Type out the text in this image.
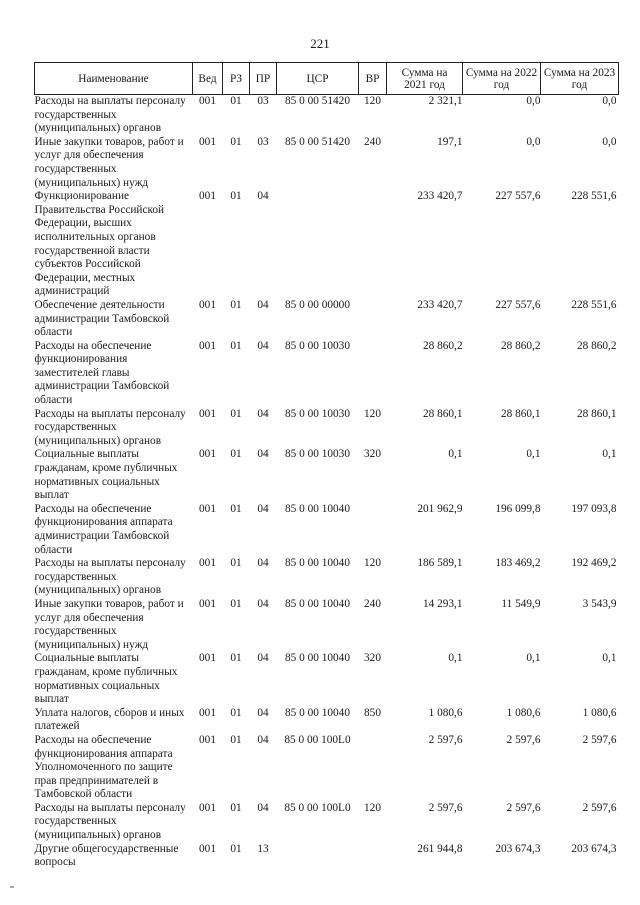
221
Наименование	Вед	РЗ	ПР	ЦСР	ВР	Сумма на 2021 год	Сумма на 2022 год	Сумма на 2023 год
Расходы на выплаты персоналу государственных (муниципальных) органов	001	01	03	85 0 00 51420	120	2 321,1	0,0	0,0
Иные закупки товаров, работ и услуг для обеспечения государственных (муниципальных) нужд	001	01	03	85 0 00 51420	240	197,1	0,0	0,0
Функционирование Правительства Российской Федерации, высших исполнительных органов государственной власти субъектов Российской Федерации, местных администраций	001	01	04			233 420,7	227 557,6	228 551,6
Обеспечение деятельности администрации Тамбовской области	001	01	04	85 0 00 00000		233 420,7	227 557,6	228 551,6
Расходы на обеспечение функционирования заместителей главы администрации Тамбовской области	001	01	04	85 0 00 10030		28 860,2	28 860,2	28 860,2
Расходы на выплаты персоналу государственных (муниципальных) органов	001	01	04	85 0 00 10030	120	28 860,1	28 860,1	28 860,1
Социальные выплаты гражданам, кроме публичных нормативных социальных выплат	001	01	04	85 0 00 10030	320	0,1	0,1	0,1
Расходы на обеспечение функционирования аппарата администрации Тамбовской области	001	01	04	85 0 00 10040		201 962,9	196 099,8	197 093,8
Расходы на выплаты персоналу государственных (муниципальных) органов	001	01	04	85 0 00 10040	120	186 589,1	183 469,2	192 469,2
Иные закупки товаров, работ и услуг для обеспечения государственных (муниципальных) нужд	001	01	04	85 0 00 10040	240	14 293,1	11 549,9	3 543,9
Социальные выплаты гражданам, кроме публичных нормативных социальных выплат	001	01	04	85 0 00 10040	320	0,1	0,1	0,1
Уплата налогов, сборов и иных платежей	001	01	04	85 0 00 10040	850	1 080,6	1 080,6	1 080,6
Расходы на обеспечение функционирования аппарата Уполномоченного по защите прав предпринимателей в Тамбовской области	001	01	04	85 0 00 100L0		2 597,6	2 597,6	2 597,6
Расходы на выплаты персоналу государственных (муниципальных) органов	001	01	04	85 0 00 100L0	120	2 597,6	2 597,6	2 597,6
Другие общегосударственные вопросы	001	01	13			261 944,8	203 674,3	203 674,3
